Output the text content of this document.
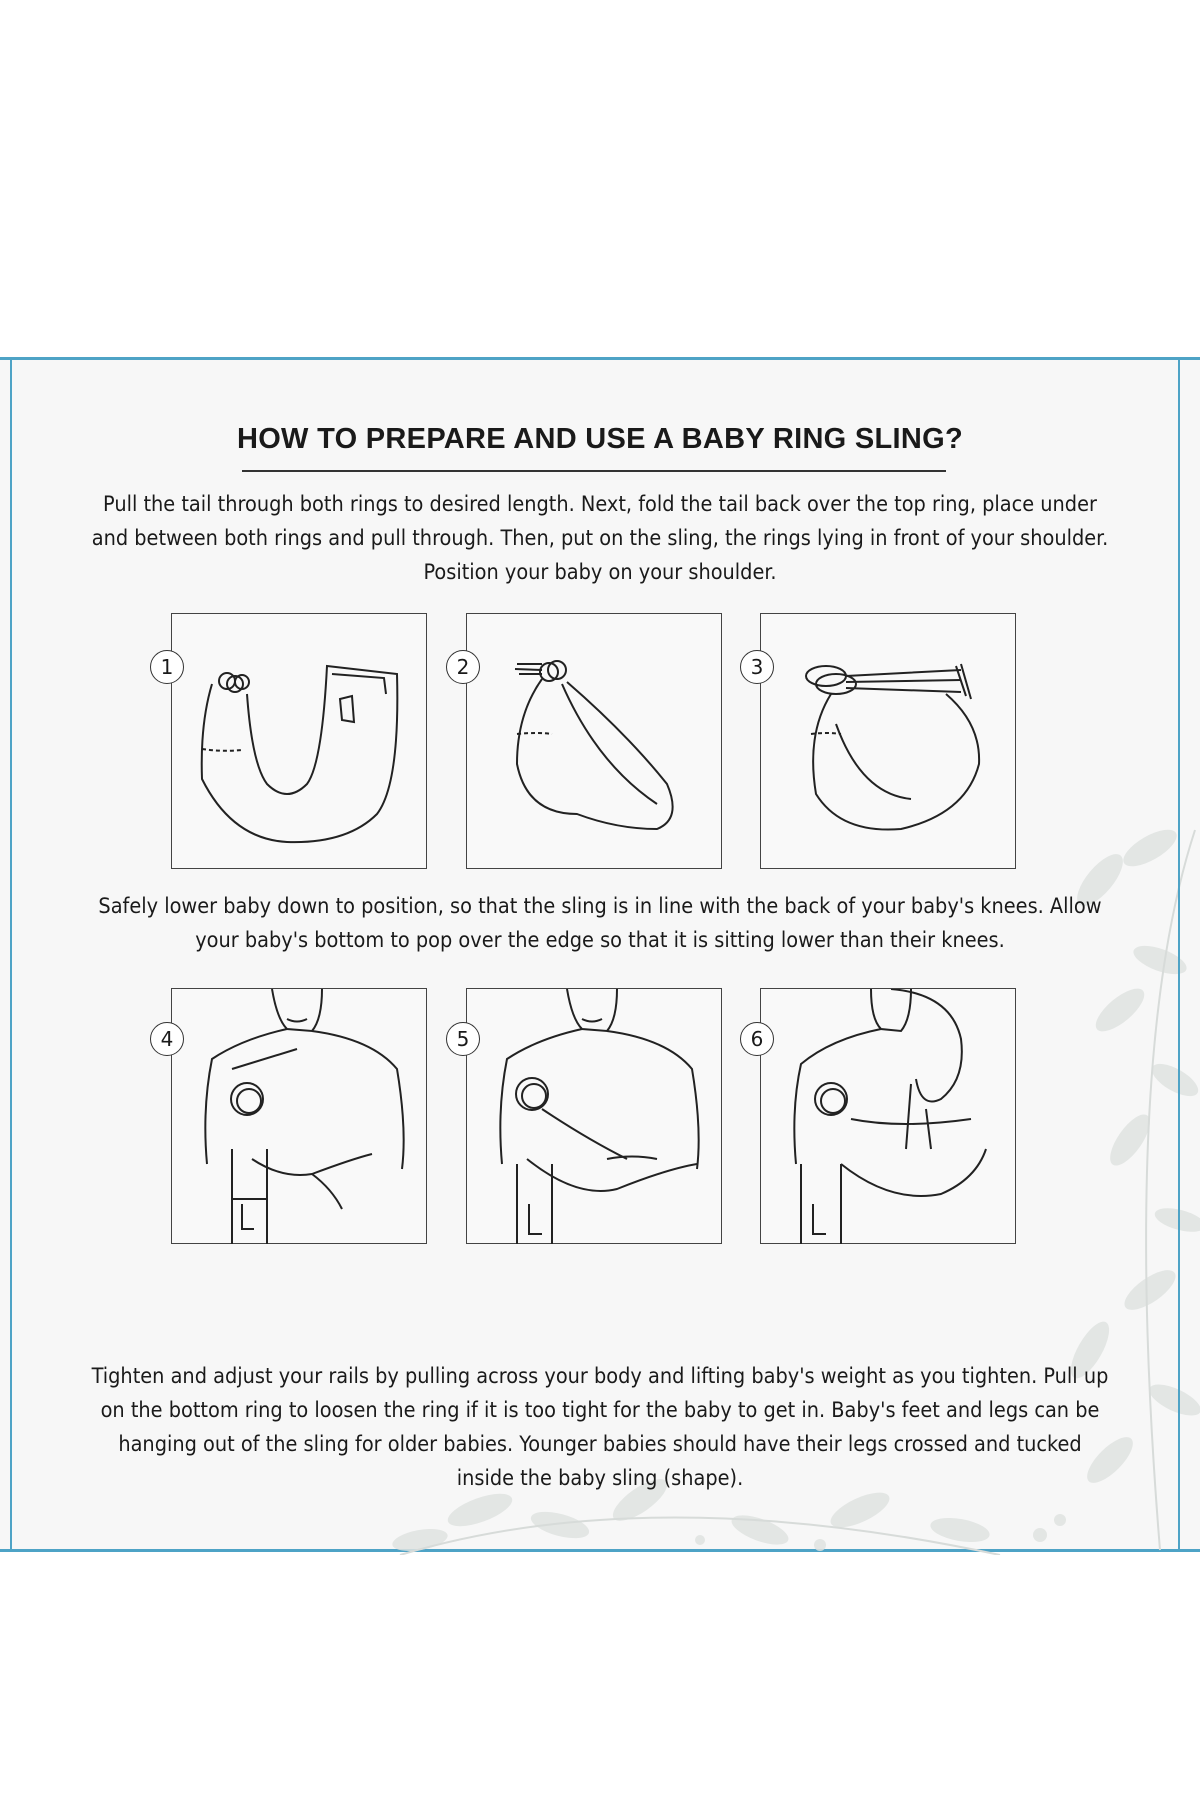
HOW TO PREPARE AND USE A BABY RING SLING?
Pull the tail through both rings to desired length. Next, fold the tail back over the top ring, place under and between both rings and pull through. Then, put on the sling, the rings lying in front of your shoulder. Position your baby on your shoulder.
1	2	3
Safely lower baby down to position, so that the sling is in line with the back of your baby's knees. Allow your baby's bottom to pop over the edge so that it is sitting lower than their knees.
4	5	6
Tighten and adjust your rails by pulling across your body and lifting baby's weight as you tighten. Pull up on the bottom ring to loosen the ring if it is too tight for the baby to get in. Baby's feet and legs can be hanging out of the sling for older babies. Younger babies should have their legs crossed and tucked inside the baby sling (shape).
